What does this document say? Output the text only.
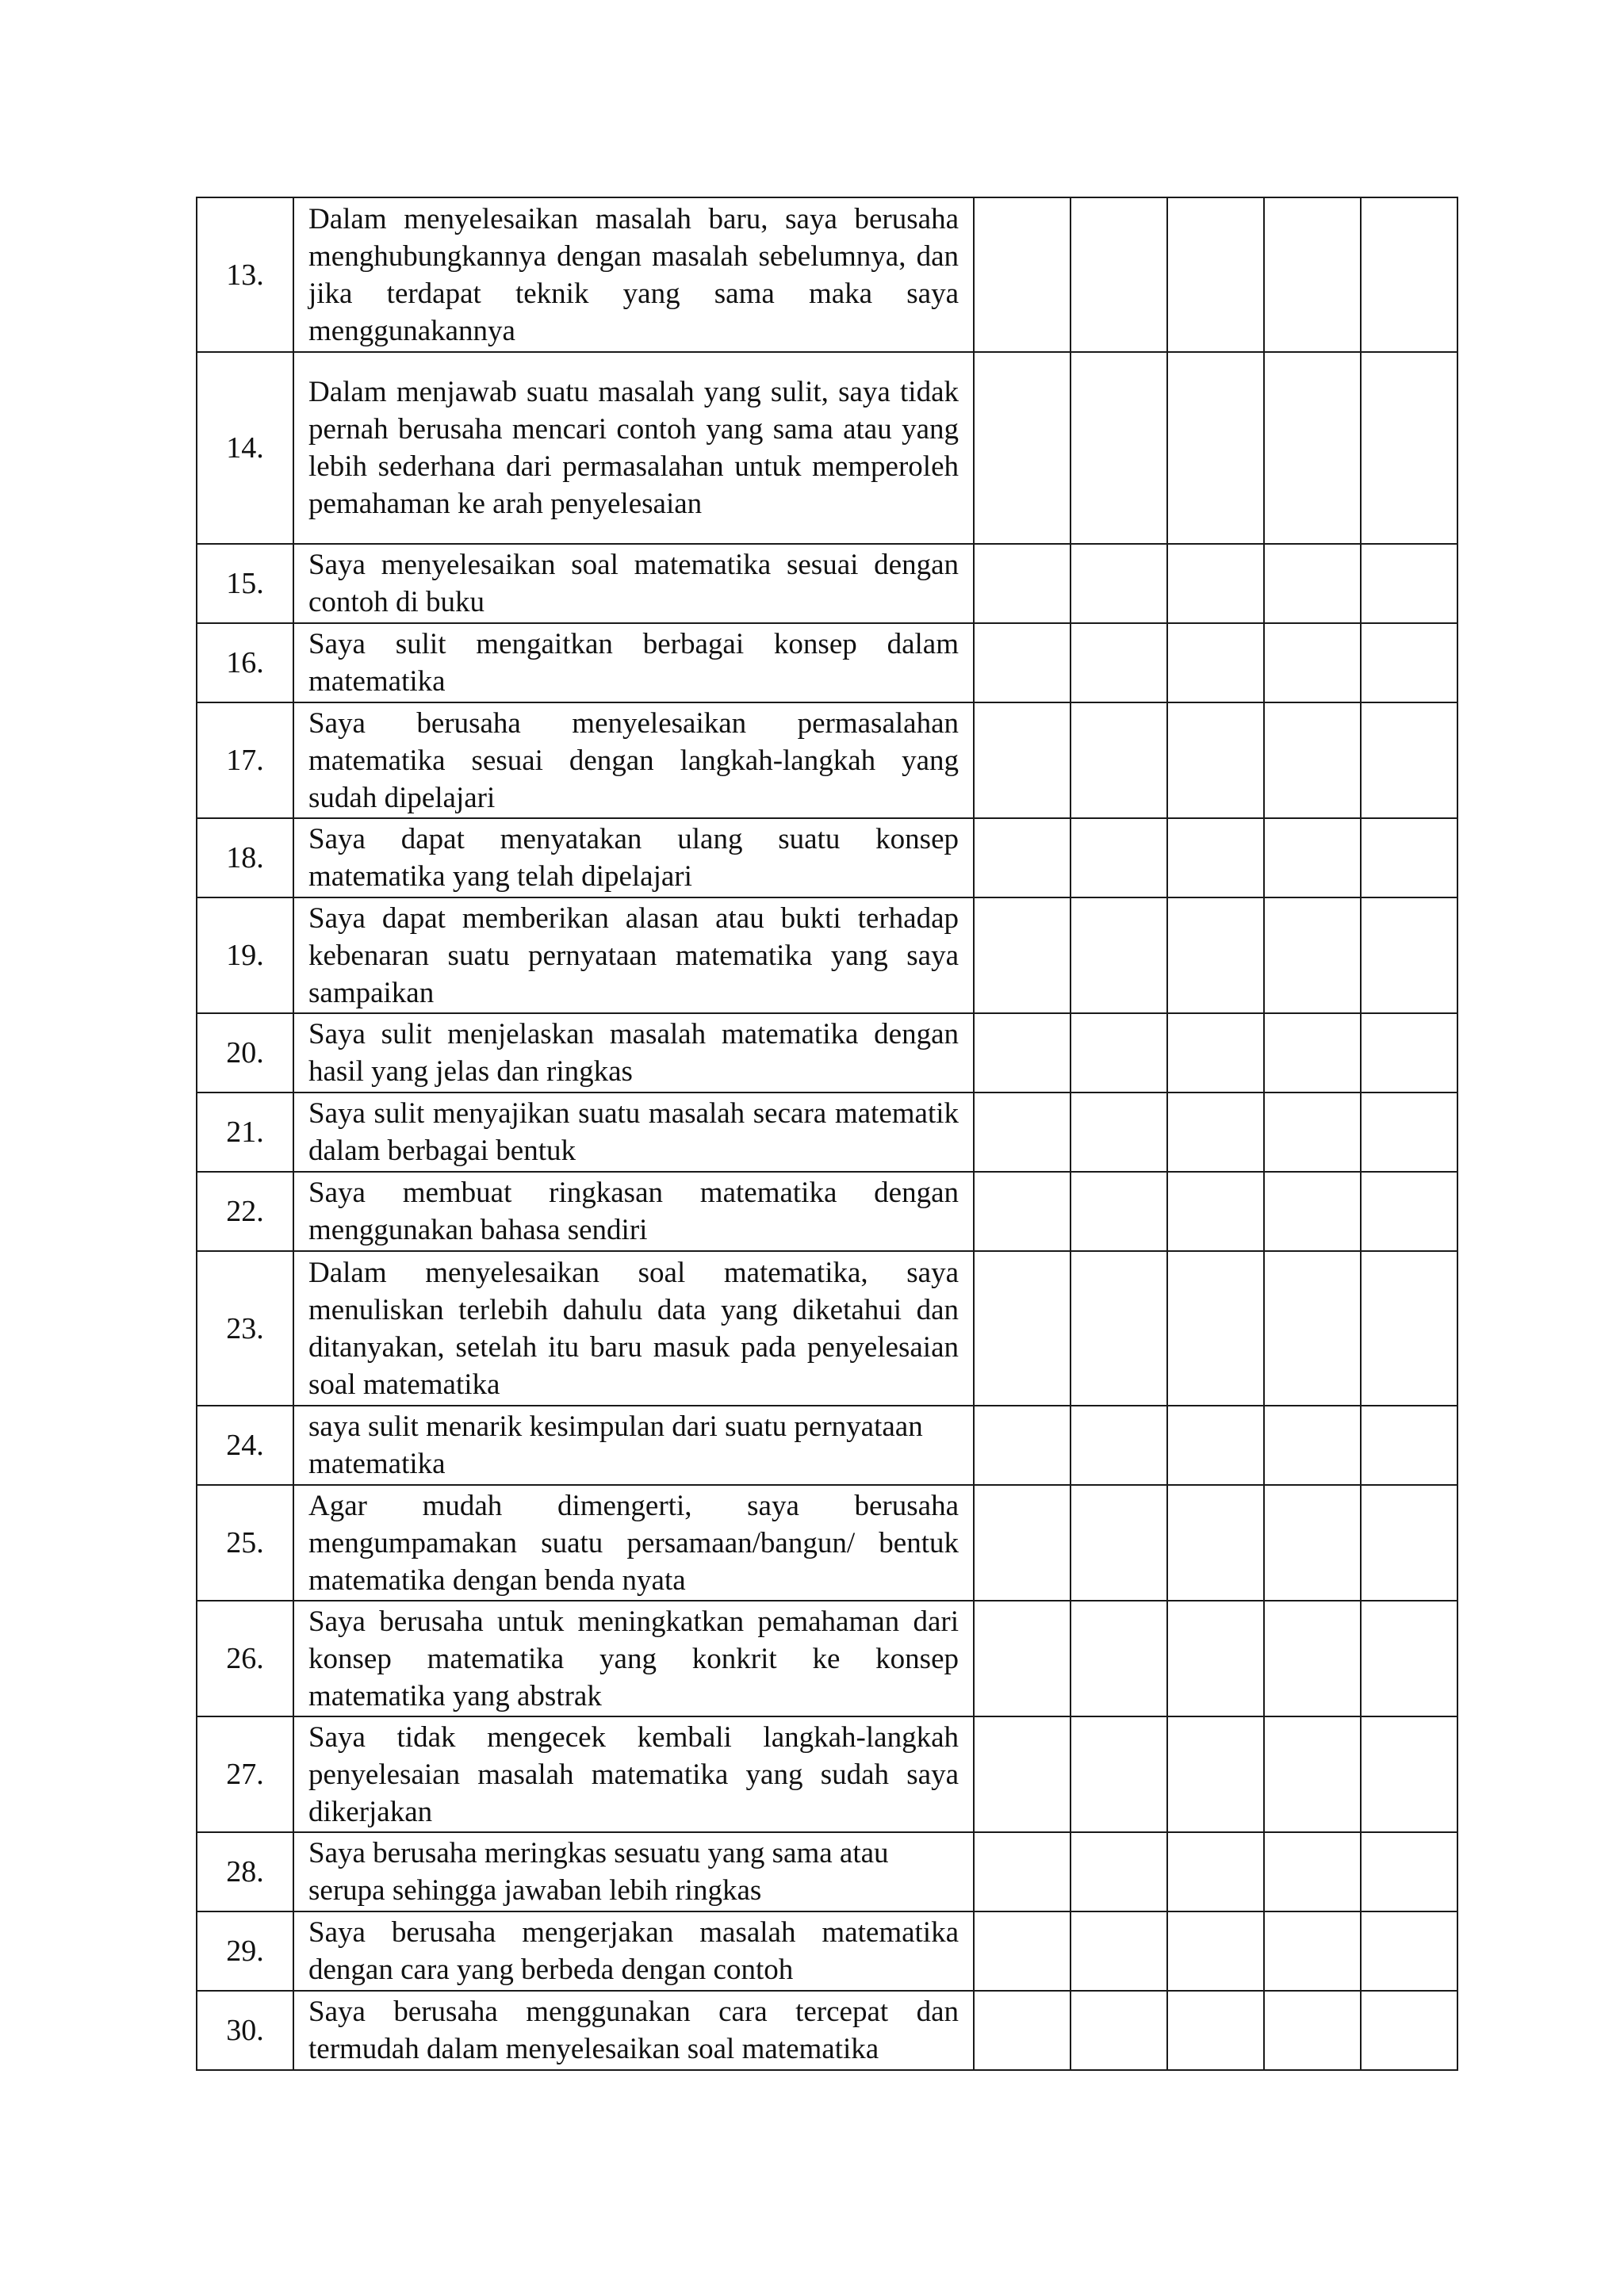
13.	Dalam menyelesaikan masalah baru, saya berusaha menghubungkannya dengan masalah sebelumnya, dan jika terdapat teknik yang sama maka saya menggunakannya					
14.	Dalam menjawab suatu masalah yang sulit, saya tidak pernah berusaha mencari contoh yang sama atau yang lebih sederhana dari permasalahan untuk memperoleh pemahaman ke arah penyelesaian					
15.	Saya menyelesaikan soal matematika sesuai dengan contoh di buku					
16.	Saya sulit mengaitkan berbagai konsep dalam matematika					
17.	Saya berusaha menyelesaikan permasalahan matematika sesuai dengan langkah-langkah yang sudah dipelajari					
18.	Saya dapat menyatakan ulang suatu konsep matematika yang telah dipelajari					
19.	Saya dapat memberikan alasan atau bukti terhadap kebenaran suatu pernyataan matematika yang saya sampaikan					
20.	Saya sulit menjelaskan masalah matematika dengan hasil yang jelas dan ringkas					
21.	Saya sulit menyajikan suatu masalah secara matematik dalam berbagai bentuk					
22.	Saya membuat ringkasan matematika dengan menggunakan bahasa sendiri					
23.	Dalam menyelesaikan soal matematika, saya menuliskan terlebih dahulu data yang diketahui dan ditanyakan, setelah itu baru masuk pada penyelesaian soal matematika					
24.	saya sulit menarik kesimpulan dari suatu pernyataan matematika					
25.	Agar mudah dimengerti, saya berusaha mengumpamakan suatu persamaan/bangun/ bentuk matematika dengan benda nyata					
26.	Saya berusaha untuk meningkatkan pemahaman dari konsep matematika yang konkrit ke konsep matematika yang abstrak					
27.	Saya tidak mengecek kembali langkah-langkah penyelesaian masalah matematika yang sudah saya dikerjakan					
28.	Saya berusaha meringkas sesuatu yang sama atau serupa sehingga jawaban lebih ringkas					
29.	Saya berusaha mengerjakan masalah matematika dengan cara yang berbeda dengan contoh					
30.	Saya berusaha menggunakan cara tercepat dan termudah dalam menyelesaikan soal matematika					
